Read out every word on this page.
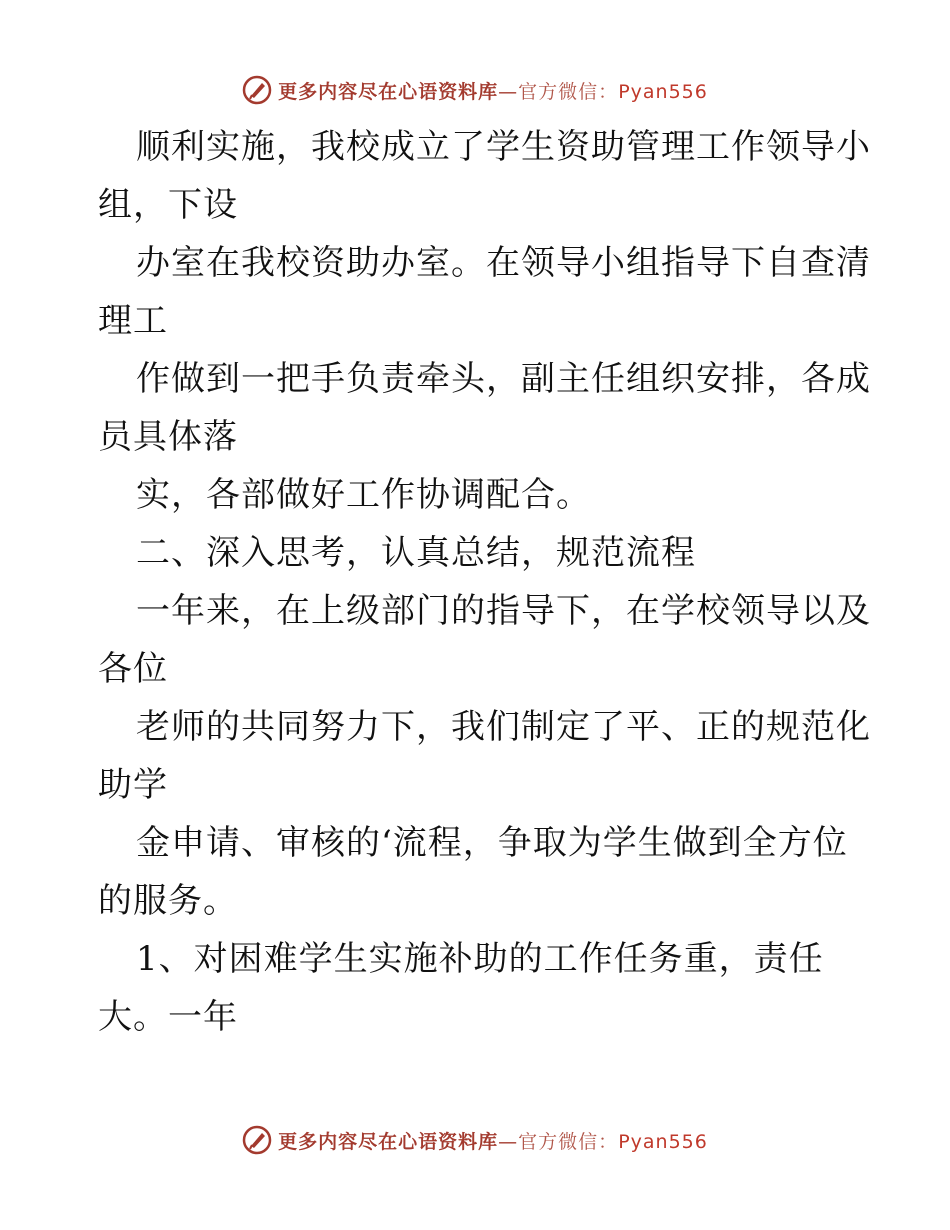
更多内容尽在心语资料库—官方微信：Pyan556
顺利实施，我校成立了学生资助管理工作领导小
组，下设
办室在我校资助办室。在领导小组指导下自查清
理工
作做到一把手负责牵头，副主任组织安排，各成
员具体落
实，各部做好工作协调配合。
二、深入思考，认真总结，规范流程
一年来，在上级部门的指导下，在学校领导以及
各位
老师的共同努力下，我们制定了平、正的规范化
助学
金申请、审核的‘流程，争取为学生做到全方位
的服务。
1、对困难学生实施补助的工作任务重，责任
大。一年
更多内容尽在心语资料库—官方微信：Pyan556
